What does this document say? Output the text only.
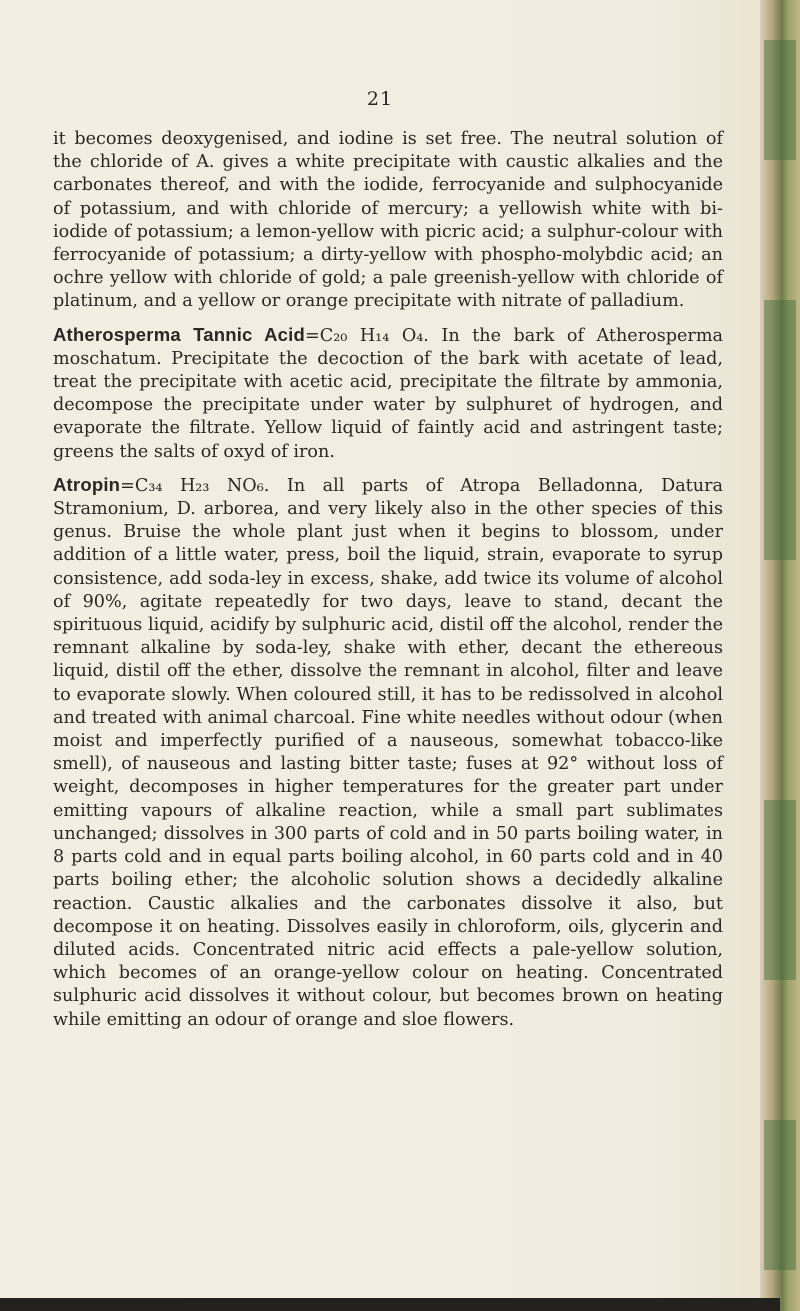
21

it becomes deoxygenised, and iodine is set free. The neutral solution of the chloride of A. gives a white precipitate with caustic alkalies and the carbonates thereof, and with the iodide, ferrocyanide and sulphocyanide of potassium, and with chloride of mercury; a yellowish white with bi-iodide of potassium; a lemon-yellow with picric acid; a sulphur-colour with ferrocyanide of potassium; a dirty-yellow with phospho-molybdic acid; an ochre yellow with chloride of gold; a pale greenish-yellow with chloride of platinum, and a yellow or orange precipitate with nitrate of palladium.

Atherosperma Tannic Acid=C₂₀ H₁₄ O₄. In the bark of Atherosperma moschatum. Precipitate the decoction of the bark with acetate of lead, treat the precipitate with acetic acid, precipitate the filtrate by ammonia, decompose the precipitate under water by sulphuret of hydrogen, and evaporate the filtrate. Yellow liquid of faintly acid and astringent taste; greens the salts of oxyd of iron.

Atropin=C₃₄ H₂₃ NO₆. In all parts of Atropa Belladonna, Datura Stramonium, D. arborea, and very likely also in the other species of this genus. Bruise the whole plant just when it begins to blossom, under addition of a little water, press, boil the liquid, strain, evaporate to syrup consistence, add soda-ley in excess, shake, add twice its volume of alcohol of 90%, agitate repeatedly for two days, leave to stand, decant the spirituous liquid, acidify by sulphuric acid, distil off the alcohol, render the remnant alkaline by soda-ley, shake with ether, decant the ethereous liquid, distil off the ether, dissolve the remnant in alcohol, filter and leave to evaporate slowly. When coloured still, it has to be redissolved in alcohol and treated with animal charcoal. Fine white needles without odour (when moist and imperfectly purified of a nauseous, somewhat tobacco-like smell), of nauseous and lasting bitter taste; fuses at 92° without loss of weight, decomposes in higher temperatures for the greater part under emitting vapours of alkaline reaction, while a small part sublimates unchanged; dissolves in 300 parts of cold and in 50 parts boiling water, in 8 parts cold and in equal parts boiling alcohol, in 60 parts cold and in 40 parts boiling ether; the alcoholic solution shows a decidedly alkaline reaction. Caustic alkalies and the carbonates dissolve it also, but decompose it on heating. Dissolves easily in chloroform, oils, glycerin and diluted acids. Concentrated nitric acid effects a pale-yellow solution, which becomes of an orange-yellow colour on heating. Concentrated sulphuric acid dissolves it without colour, but becomes brown on heating while emitting an odour of orange and sloe flowers.
